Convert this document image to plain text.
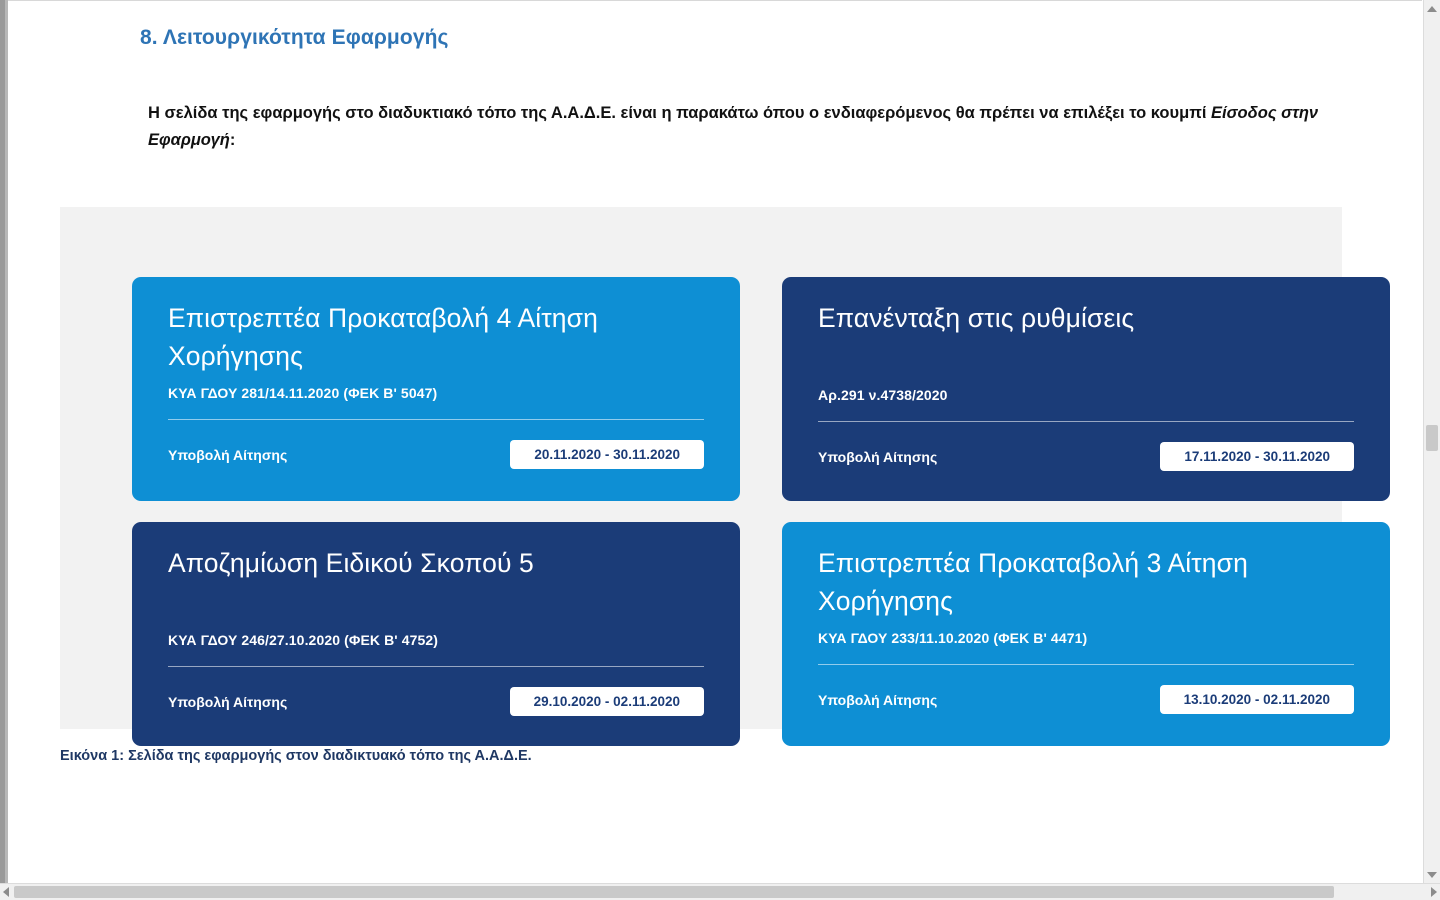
8. Λειτουργικότητα Εφαρμογής
Η σελίδα της εφαρμογής στο διαδυκτιακό τόπο της Α.Α.Δ.Ε. είναι η παρακάτω όπου ο ενδιαφερόμενος θα πρέπει να επιλέξει το κουμπί Είσοδος στην Εφαρμογή:
Επιστρεπτέα Προκαταβολή 4 Αίτηση Χορήγησης
ΚΥΑ ΓΔΟΥ 281/14.11.2020 (ΦΕΚ Β' 5047)
Υποβολή Αίτησης	20.11.2020 - 30.11.2020
Επανένταξη στις ρυθμίσεις
Αρ.291 ν.4738/2020
Υποβολή Αίτησης	17.11.2020 - 30.11.2020
Αποζημίωση Ειδικού Σκοπού 5
ΚΥΑ ΓΔΟΥ 246/27.10.2020 (ΦΕΚ Β' 4752)
Υποβολή Αίτησης	29.10.2020 - 02.11.2020
Επιστρεπτέα Προκαταβολή 3 Αίτηση Χορήγησης
ΚΥΑ ΓΔΟΥ 233/11.10.2020 (ΦΕΚ Β' 4471)
Υποβολή Αίτησης	13.10.2020 - 02.11.2020
Εικόνα 1: Σελίδα της εφαρμογής στον διαδικτυακό τόπο της Α.Α.Δ.Ε.
